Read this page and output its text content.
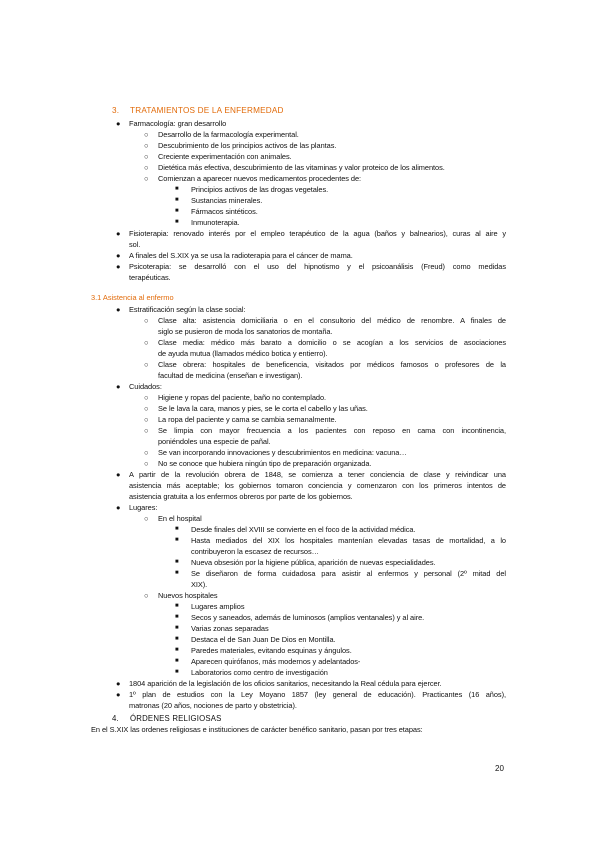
3. TRATAMIENTOS DE LA ENFERMEDAD
● Farmacología: gran desarrollo
○ Desarrollo de la farmacología experimental.
○ Descubrimiento de los principios activos de las plantas.
○ Creciente experimentación con animales.
○ Dietética más efectiva, descubrimiento de las vitaminas y valor proteico de los alimentos.
○ Comienzan a aparecer nuevos medicamentos procedentes de:
■ Principios activos de las drogas vegetales.
■ Sustancias minerales.
■ Fármacos sintéticos.
■ Inmunoterapia.
● Fisioterapia: renovado interés por el empleo terapéutico de la agua (baños y balnearios), curas al aire y
sol.
● A finales del S.XIX ya se usa la radioterapia para el cáncer de mama.
● Psicoterapia: se desarrolló con el uso del hipnotismo y el psicoanálisis (Freud) como medidas
terapéuticas.
3.1 Asistencia al enfermo
● Estratificación según la clase social:
○ Clase alta: asistencia domiciliaria o en el consultorio del médico de renombre. A finales de
siglo se pusieron de moda los sanatorios de montaña.
○ Clase media: médico más barato a domicilio o se acogían a los servicios de asociaciones
de ayuda mutua (llamados médico botica y entierro).
○ Clase obrera: hospitales de beneficencia, visitados por médicos famosos o profesores de la
facultad de medicina (enseñan e investigan).
● Cuidados:
○ Higiene y ropas del paciente, baño no contemplado.
○ Se le lava la cara, manos y pies, se le corta el cabello y las uñas.
○ La ropa del paciente y cama se cambia semanalmente.
○ Se limpia con mayor frecuencia a los pacientes con reposo en cama con incontinencia,
poniéndoles una especie de pañal.
○ Se van incorporando innovaciones y descubrimientos en medicina: vacuna…
○ No se conoce que hubiera ningún tipo de preparación organizada.
● A partir de la revolución obrera de 1848, se comienza a tener conciencia de clase y reivindicar una
asistencia más aceptable; los gobiernos tomaron conciencia y comenzaron con los primeros intentos de
asistencia gratuita a los enfermos obreros por parte de los gobiernos.
● Lugares:
○ En el hospital
■ Desde finales del XVIII se convierte en el foco de la actividad médica.
■ Hasta mediados del XIX los hospitales mantenían elevadas tasas de mortalidad, a lo
contribuyeron la escasez de recursos…
■ Nueva obsesión por la higiene pública, aparición de nuevas especialidades.
■ Se diseñaron de forma cuidadosa para asistir al enfermos y personal (2º mitad del
XIX).
○ Nuevos hospitales
■ Lugares amplios
■ Secos y saneados, además de luminosos (amplios ventanales) y al aire.
■ Varias zonas separadas
■ Destaca el de San Juan De Dios en Montilla.
■ Paredes materiales, evitando esquinas y ángulos.
■ Aparecen quirófanos, más modernos y adelantados-
■ Laboratorios como centro de investigación
● 1804 aparición de la legislación de los oficios sanitarios, necesitando la Real cédula para ejercer.
● 1º plan de estudios con la Ley Moyano 1857 (ley general de educación). Practicantes (16 años),
matronas (20 años, nociones de parto y obstetricia).
4. ÓRDENES RELIGIOSAS
En el S.XIX las ordenes religiosas e instituciones de carácter benéfico sanitario, pasan por tres etapas:
20
